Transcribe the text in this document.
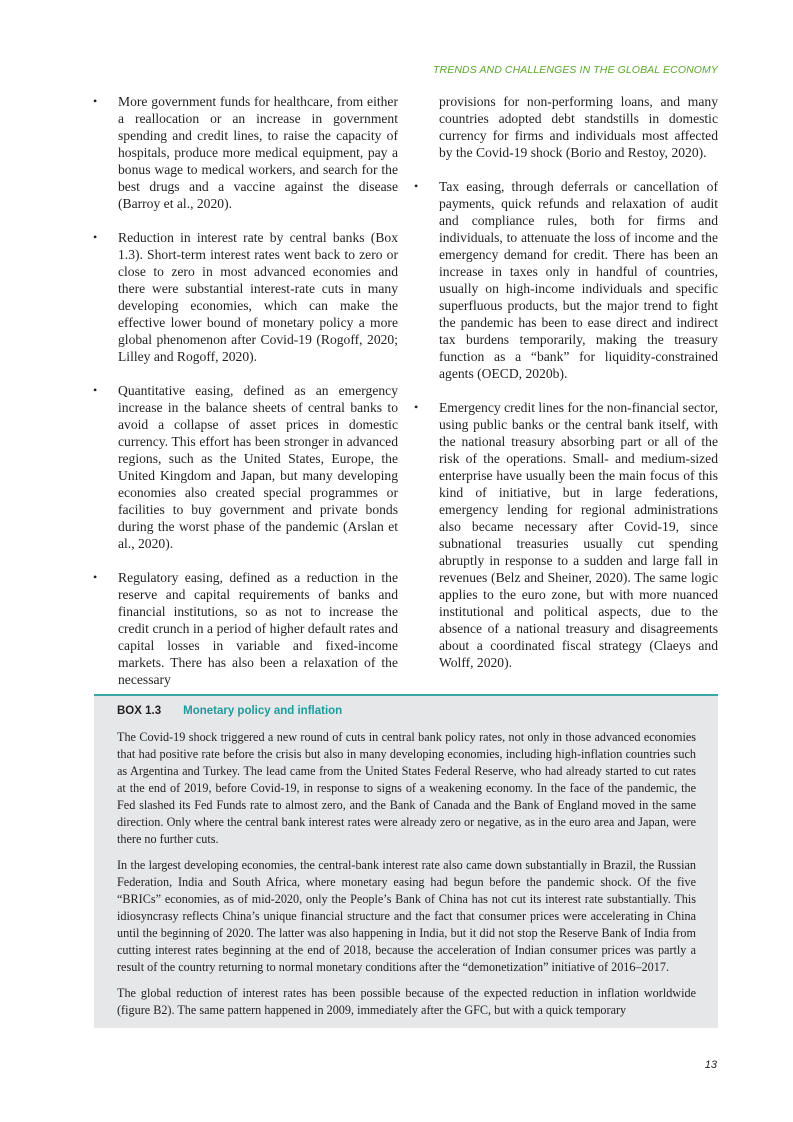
TRENDS AND CHALLENGES IN THE GLOBAL ECONOMY

• More government funds for healthcare, from either a reallocation or an increase in government spending and credit lines, to raise the capacity of hospitals, produce more medical equipment, pay a bonus wage to medical workers, and search for the best drugs and a vaccine against the disease (Barroy et al., 2020).

• Reduction in interest rate by central banks (Box 1.3). Short-term interest rates went back to zero or close to zero in most advanced economies and there were substantial interest-rate cuts in many developing economies, which can make the effective lower bound of monetary policy a more global phenomenon after Covid-19 (Rogoff, 2020; Lilley and Rogoff, 2020).

• Quantitative easing, defined as an emergency increase in the balance sheets of central banks to avoid a collapse of asset prices in domestic currency. This effort has been stronger in advanced regions, such as the United States, Europe, the United Kingdom and Japan, but many developing economies also created special programmes or facilities to buy government and private bonds during the worst phase of the pandemic (Arslan et al., 2020).

• Regulatory easing, defined as a reduction in the reserve and capital requirements of banks and financial institutions, so as not to increase the credit crunch in a period of higher default rates and capital losses in variable and fixed-income markets. There has also been a relaxation of the necessary

provisions for non-performing loans, and many countries adopted debt standstills in domestic currency for firms and individuals most affected by the Covid-19 shock (Borio and Restoy, 2020).

• Tax easing, through deferrals or cancellation of payments, quick refunds and relaxation of audit and compliance rules, both for firms and individuals, to attenuate the loss of income and the emergency demand for credit. There has been an increase in taxes only in handful of countries, usually on high-income individuals and specific superfluous products, but the major trend to fight the pandemic has been to ease direct and indirect tax burdens temporarily, making the treasury function as a “bank” for liquidity-constrained agents (OECD, 2020b).

• Emergency credit lines for the non-financial sector, using public banks or the central bank itself, with the national treasury absorbing part or all of the risk of the operations. Small- and medium-sized enterprise have usually been the main focus of this kind of initiative, but in large federations, emergency lending for regional administrations also became necessary after Covid-19, since subnational treasuries usually cut spending abruptly in response to a sudden and large fall in revenues (Belz and Sheiner, 2020). The same logic applies to the euro zone, but with more nuanced institutional and political aspects, due to the absence of a national treasury and disagreements about a coordinated fiscal strategy (Claeys and Wolff, 2020).

BOX 1.3 Monetary policy and inflation

The Covid-19 shock triggered a new round of cuts in central bank policy rates, not only in those advanced economies that had positive rate before the crisis but also in many developing economies, including high-inflation countries such as Argentina and Turkey. The lead came from the United States Federal Reserve, who had already started to cut rates at the end of 2019, before Covid-19, in response to signs of a weakening economy. In the face of the pandemic, the Fed slashed its Fed Funds rate to almost zero, and the Bank of Canada and the Bank of England moved in the same direction. Only where the central bank interest rates were already zero or negative, as in the euro area and Japan, were there no further cuts.

In the largest developing economies, the central-bank interest rate also came down substantially in Brazil, the Russian Federation, India and South Africa, where monetary easing had begun before the pandemic shock. Of the five “BRICs” economies, as of mid-2020, only the People’s Bank of China has not cut its interest rate substantially. This idiosyncrasy reflects China’s unique financial structure and the fact that consumer prices were accelerating in China until the beginning of 2020. The latter was also happening in India, but it did not stop the Reserve Bank of India from cutting interest rates beginning at the end of 2018, because the acceleration of Indian consumer prices was partly a result of the country returning to normal monetary conditions after the “demonetization” initiative of 2016–2017.

The global reduction of interest rates has been possible because of the expected reduction in inflation worldwide (figure B2). The same pattern happened in 2009, immediately after the GFC, but with a quick temporary

13
